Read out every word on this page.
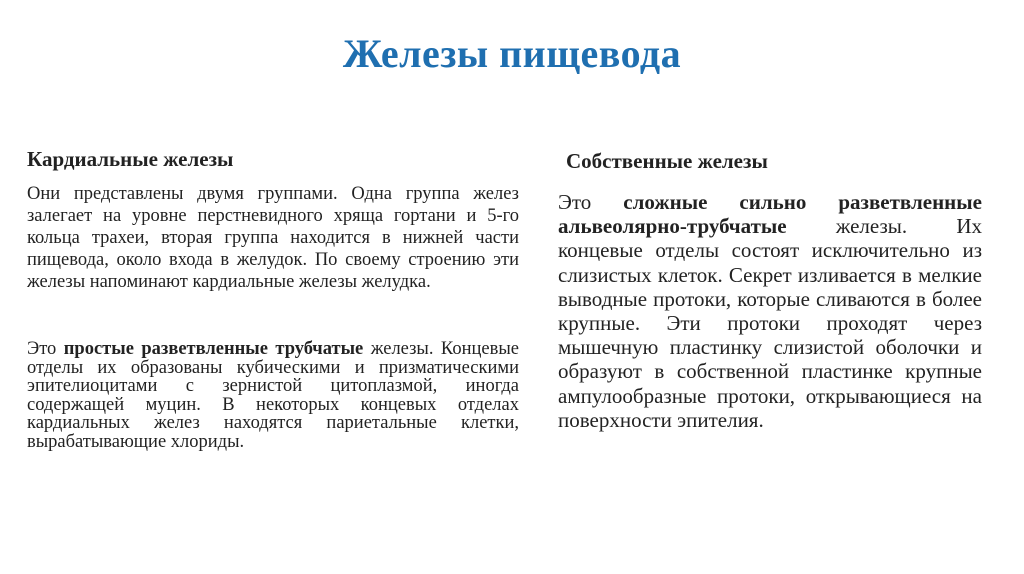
Железы пищевода
Кардиальные железы
Они представлены двумя группами. Одна группа желез залегает на уровне перстневидного хряща гортани и 5-го кольца трахеи, вторая группа находится в нижней части пищевода, около входа в желудок. По своему строению эти железы напоминают кардиальные железы желудка.
Это простые разветвленные трубчатые железы. Концевые отделы их образованы кубическими и призматическими эпителиоцитами с зернистой цитоплазмой, иногда содержащей муцин. В некоторых концевых отделах кардиальных желез находятся париетальные клетки, вырабатывающие хлориды.
Собственные железы
Это сложные сильно разветвленные альвеолярно-трубчатые железы. Их концевые отделы состоят исключительно из слизистых клеток. Секрет изливается в мелкие выводные протоки, которые сливаются в более крупные. Эти протоки проходят через мышечную пластинку слизистой оболочки и образуют в собственной пластинке крупные ампулообразные протоки, открывающиеся на поверхности эпителия.
